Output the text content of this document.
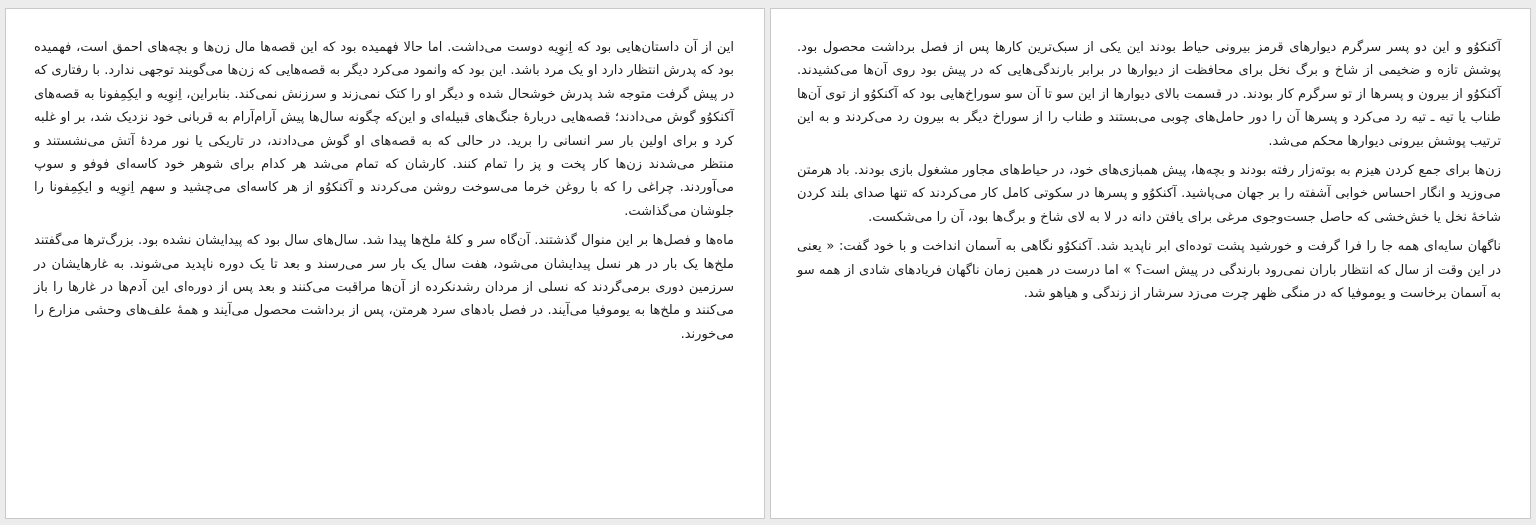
این از آن داستان‌هایی بود که اِنوِیه دوست می‌داشت. اما حالا فهمیده بود که این قصه‌ها مال زن‌ها و بچه‌های احمق است، فهمیده بود که پدرش انتظار دارد او یک مرد باشد. این بود که وانمود می‌کرد دیگر به قصه‌هایی که زن‌ها می‌گویند توجهی ندارد. با رفتاری که در پیش گرفت متوجه شد پدرش خوشحال شده و دیگر او را کتک نمی‌زند و سرزنش نمی‌کند. بنابراین، اِنوِیه و ایکِمِفونا به قصه‌های آکنکوُو گوش می‌دادند؛ قصه‌هایی دربارهٔ جنگ‌های قبیله‌ای و این‌که چگونه سال‌ها پیش آرام‌آرام به قربانی خود نزدیک شد، بر او غلبه کرد و برای اولین بار سر انسانی را برید. در حالی که به قصه‌های او گوش می‌دادند، در تاریکی یا نور مردهٔ آتش می‌نشستند و منتظر می‌شدند زن‌ها کار پخت و پز را تمام کنند. کارشان که تمام می‌شد هر کدام برای شوهر خود کاسه‌ای فوفو و سوپ می‌آوردند. چراغی را که با روغن خرما می‌سوخت روشن می‌کردند و آکنکوُو از هر کاسه‌ای می‌چشید و سهم اِنوِیه و ایکِمِفونا را جلوشان می‌گذاشت.

ماه‌ها و فصل‌ها بر این منوال گذشتند. آن‌گاه سر و کلهٔ ملخ‌ها پیدا شد. سال‌های سال بود که پیدایشان نشده بود. بزرگ‌ترها می‌گفتند ملخ‌ها یک بار در هر نسل پیدایشان می‌شود، هفت سال یک بار سر می‌رسند و بعد تا یک دوره ناپدید می‌شوند. به غارهایشان در سرزمین دوری برمی‌گردند که نسلی از مردان رشدنکرده از آن‌ها مراقبت می‌کنند و بعد پس از دوره‌ای این آدم‌ها در غارها را باز می‌کنند و ملخ‌ها به یوموفیا می‌آیند. در فصل بادهای سرد هرمتن، پس از برداشت محصول می‌آیند و همهٔ علف‌های وحشی مزارع را می‌خورند.

آکنکوُو و این دو پسر سرگرم دیوارهای قرمز بیرونی حیاط بودند این یکی از سبک‌ترین کارها پس از فصل برداشت محصول بود. پوشش تازه و ضخیمی از شاخ و برگ نخل برای محافظت از دیوارها در برابر بارندگی‌هایی که در پیش بود روی آن‌ها می‌کشیدند. آکنکوُو از بیرون و پسرها از تو سرگرم کار بودند. در قسمت بالای دیوارها از این سو تا آن سو سوراخ‌هایی بود که آکنکوُو از توی آن‌ها طناب یا تیه ـ تیه رد می‌کرد و پسرها آن را دور حامل‌های چوبی می‌بستند و طناب را از سوراخ دیگر به بیرون رد می‌کردند و به این ترتیب پوشش بیرونی دیوارها محکم می‌شد.

زن‌ها برای جمع کردن هیزم به بوته‌زار رفته بودند و بچه‌ها، پیش همبازی‌های خود، در حیاط‌های مجاور مشغول بازی بودند. باد هرمتن می‌وزید و انگار احساس خوابی آشفته را بر جهان می‌پاشید. آکنکوُو و پسرها در سکوتی کامل کار می‌کردند که تنها صدای بلند کردن شاخهٔ نخل یا خش‌خشی که حاصل جست‌وجوی مرغی برای یافتن دانه در لا به لای شاخ و برگ‌ها بود، آن را می‌شکست.

ناگهان سایه‌ای همه جا را فرا گرفت و خورشید پشت توده‌ای ابر ناپدید شد. آکنکوُو نگاهی به آسمان انداخت و با خود گفت: « یعنی در این وقت از سال که انتظار باران نمی‌رود بارندگی در پیش است؟ » اما درست در همین زمان ناگهان فریادهای شادی از همه سو به آسمان برخاست و یوموفیا که در منگی ظهر چرت می‌زد سرشار از زندگی و هیاهو شد.
